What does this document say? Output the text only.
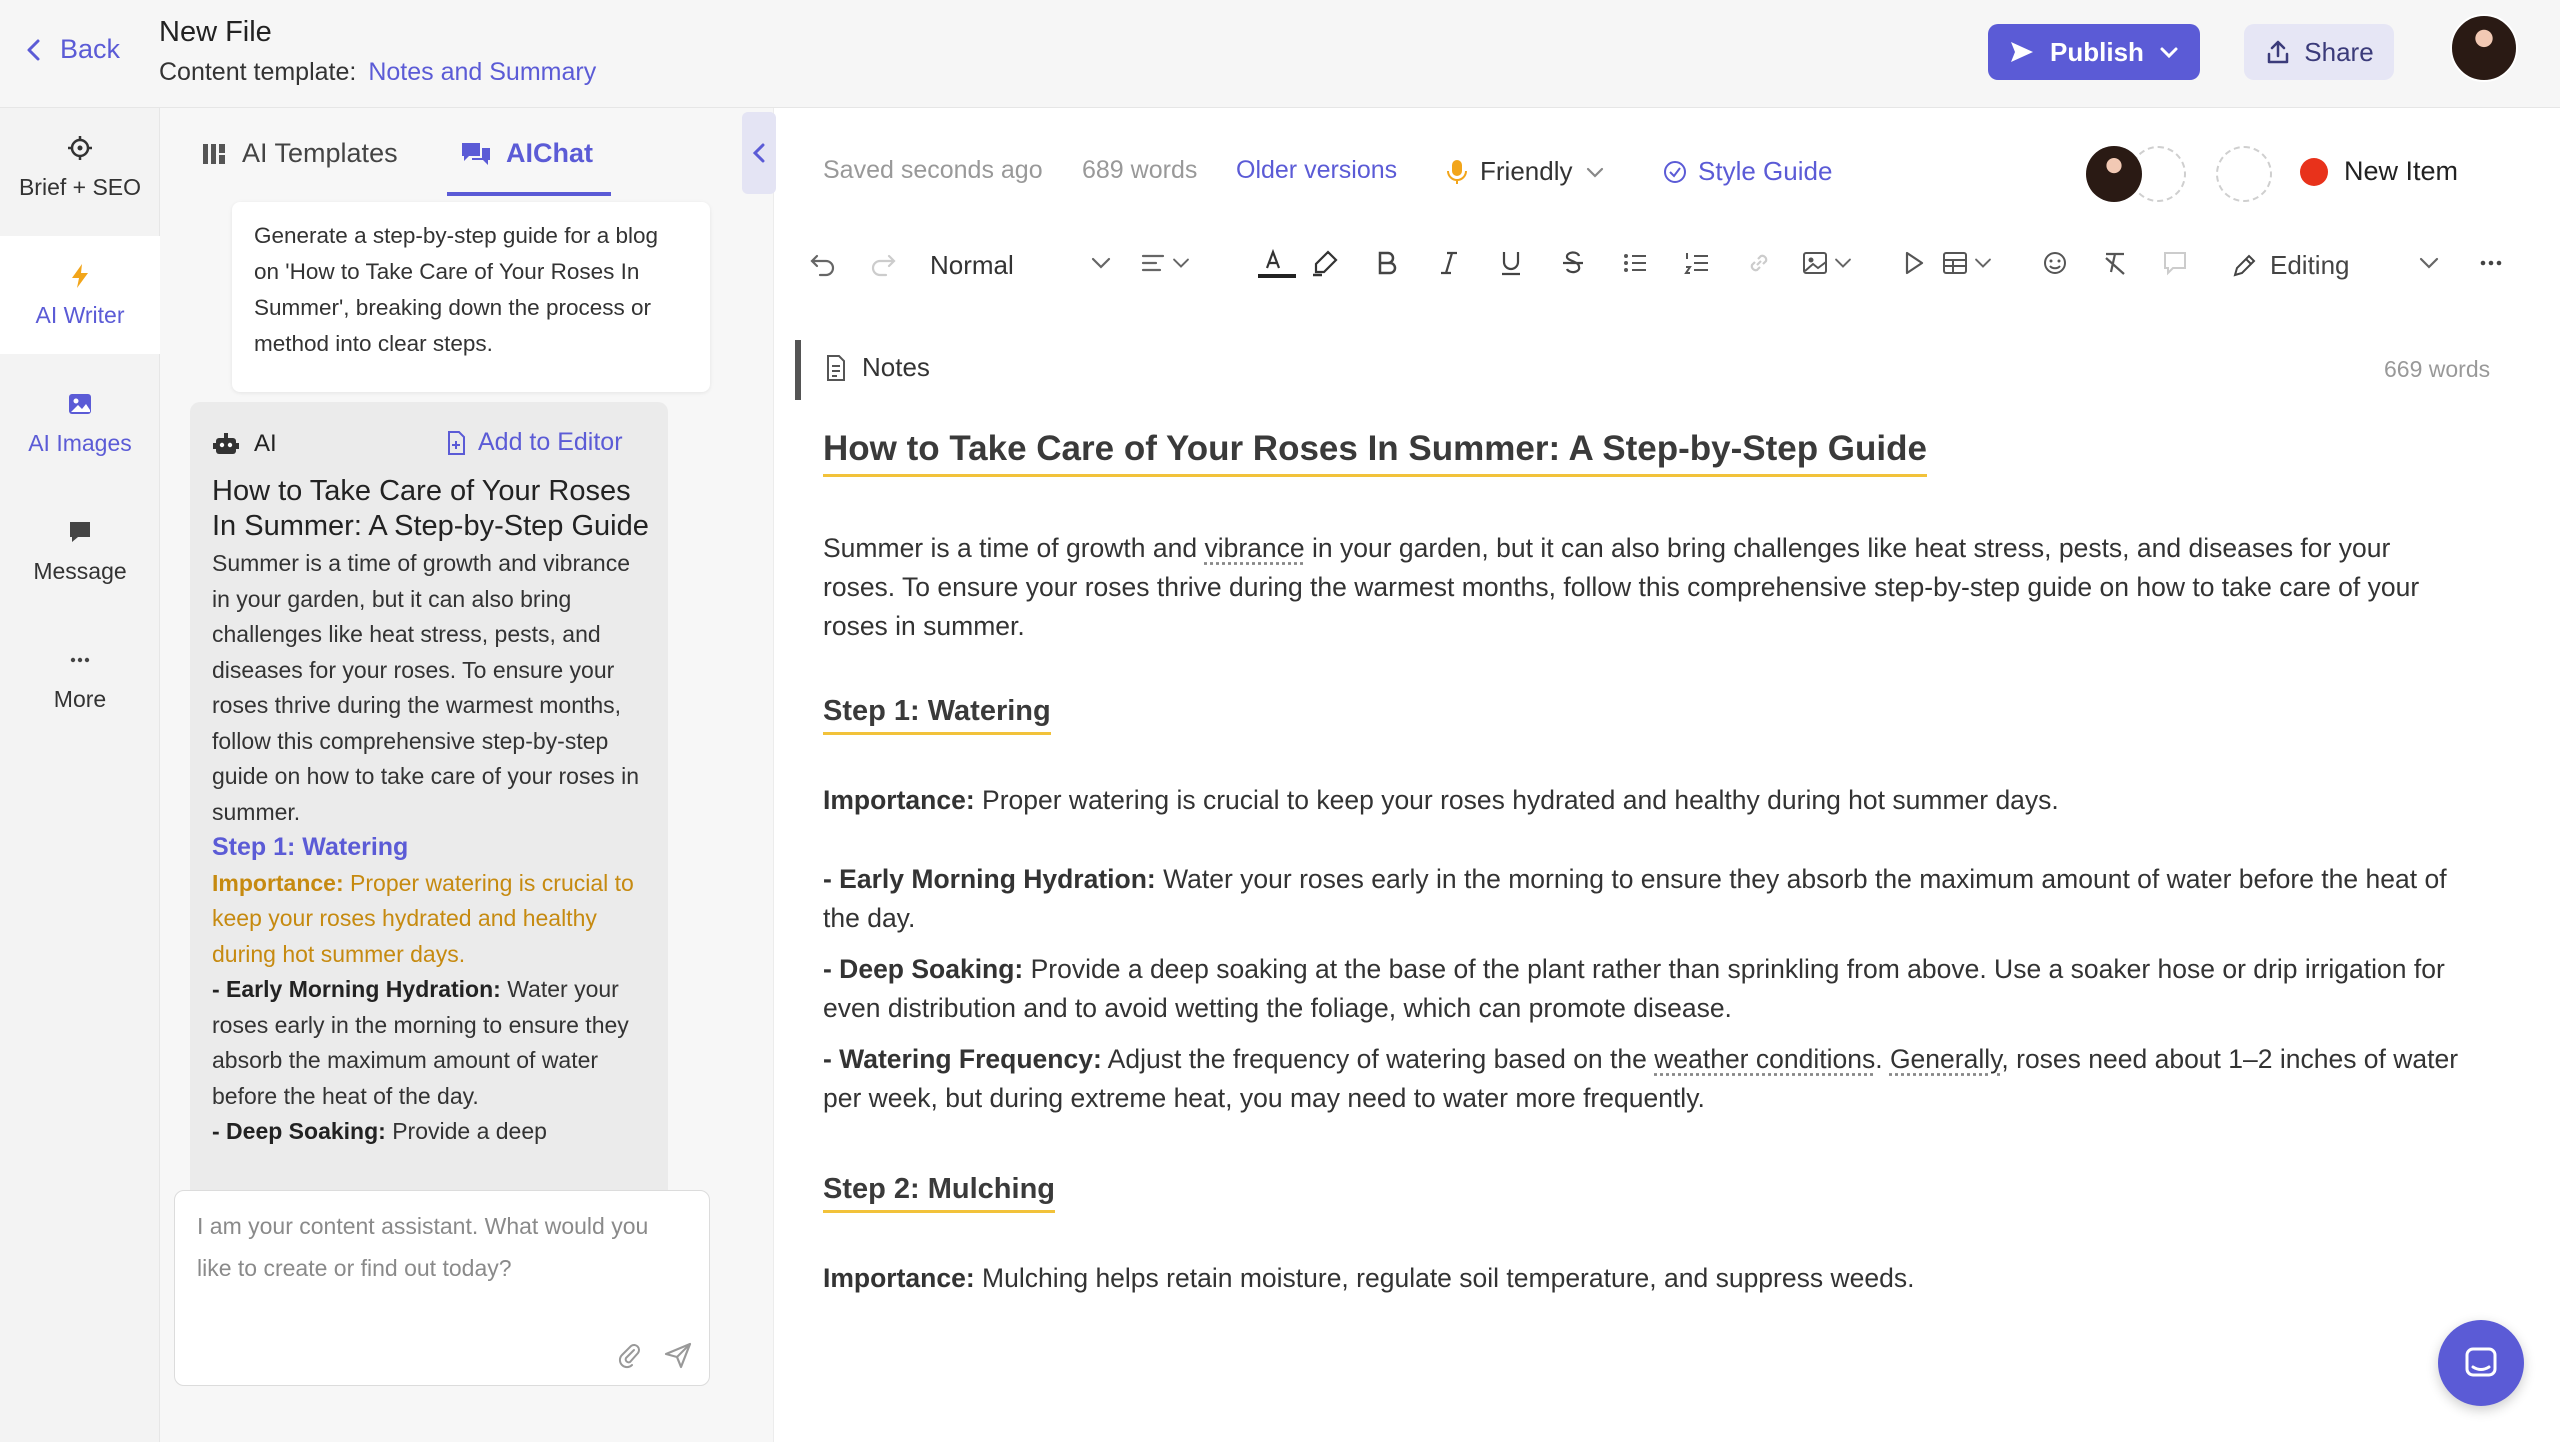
Back
New File
Content template: Notes and Summary
Publish	Share
Brief + SEO
AI Writer
AI Images
Message
More
AI Templates	AIChat
Generate a step-by-step guide for a blog on 'How to Take Care of Your Roses In Summer', breaking down the process or method into clear steps.
AI	Add to Editor
How to Take Care of Your Roses In Summer: A Step-by-Step Guide

Summer is a time of growth and vibrance in your garden, but it can also bring challenges like heat stress, pests, and diseases for your roses. To ensure your roses thrive during the warmest months, follow this comprehensive step-by-step guide on how to take care of your roses in summer.

Step 1: Watering

Importance: Proper watering is crucial to keep your roses hydrated and healthy during hot summer days.

- Early Morning Hydration: Water your roses early in the morning to ensure they absorb the maximum amount of water before the heat of the day.

- Deep Soaking: Provide a deep

I am your content assistant. What would you like to create or find out today?
Saved seconds ago 689 words Older versions	Friendly	Style Guide	New Item
Normal	Editing
Notes	669 words
How to Take Care of Your Roses In Summer: A Step-by-Step Guide

Summer is a time of growth and vibrance in your garden, but it can also bring challenges like heat stress, pests, and diseases for your roses. To ensure your roses thrive during the warmest months, follow this comprehensive step-by-step guide on how to take care of your roses in summer.

Step 1: Watering

Importance: Proper watering is crucial to keep your roses hydrated and healthy during hot summer days.

- Early Morning Hydration: Water your roses early in the morning to ensure they absorb the maximum amount of water before the heat of the day.

- Deep Soaking: Provide a deep soaking at the base of the plant rather than sprinkling from above. Use a soaker hose or drip irrigation for even distribution and to avoid wetting the foliage, which can promote disease.

- Watering Frequency: Adjust the frequency of watering based on the weather conditions. Generally, roses need about 1–2 inches of water per week, but during extreme heat, you may need to water more frequently.

Step 2: Mulching

Importance: Mulching helps retain moisture, regulate soil temperature, and suppress weeds.
